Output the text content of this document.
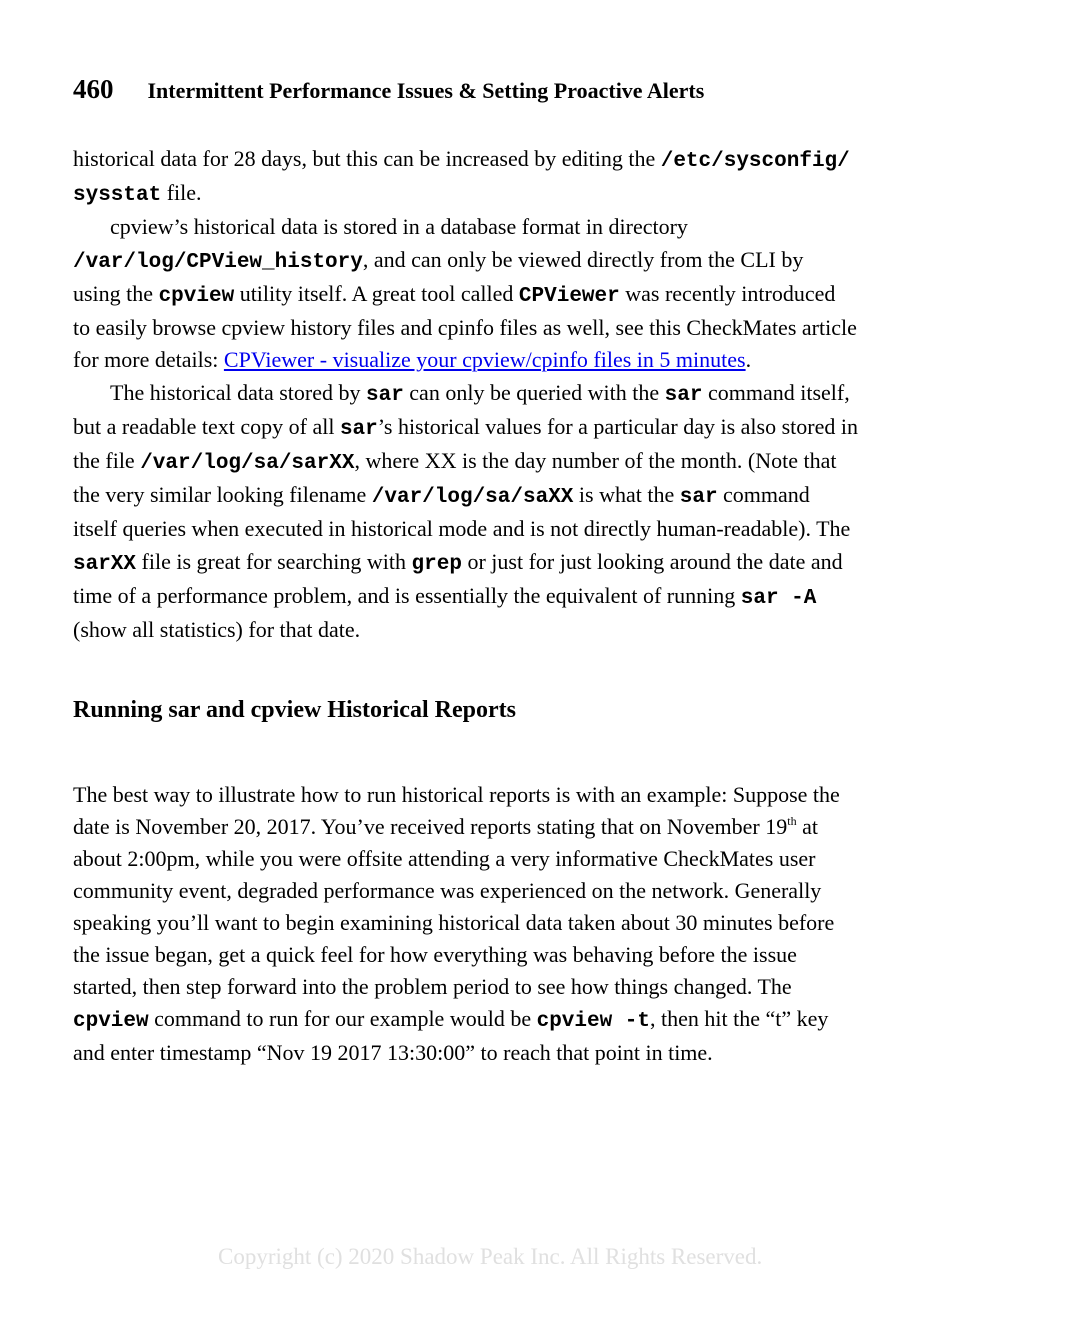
460 Intermittent Performance Issues & Setting Proactive Alerts
historical data for 28 days, but this can be increased by editing the /etc/sysconfig/
sysstat file.
cpview’s historical data is stored in a database format in directory
/var/log/CPView_history, and can only be viewed directly from the CLI by
using the cpview utility itself. A great tool called CPViewer was recently introduced
to easily browse cpview history files and cpinfo files as well, see this CheckMates article
for more details: CPViewer - visualize your cpview/cpinfo files in 5 minutes.
The historical data stored by sar can only be queried with the sar command itself,
but a readable text copy of all sar’s historical values for a particular day is also stored in
the file /var/log/sa/sarXX, where XX is the day number of the month. (Note that
the very similar looking filename /var/log/sa/saXX is what the sar command
itself queries when executed in historical mode and is not directly human-readable). The
sarXX file is great for searching with grep or just for just looking around the date and
time of a performance problem, and is essentially the equivalent of running sar -A
(show all statistics) for that date.
Running sar and cpview Historical Reports
The best way to illustrate how to run historical reports is with an example: Suppose the
date is November 20, 2017. You’ve received reports stating that on November 19th at
about 2:00pm, while you were offsite attending a very informative CheckMates user
community event, degraded performance was experienced on the network. Generally
speaking you’ll want to begin examining historical data taken about 30 minutes before
the issue began, get a quick feel for how everything was behaving before the issue
started, then step forward into the problem period to see how things changed. The
cpview command to run for our example would be cpview -t, then hit the “t” key
and enter timestamp “Nov 19 2017 13:30:00” to reach that point in time.
Copyright (c) 2020 Shadow Peak Inc. All Rights Reserved.
